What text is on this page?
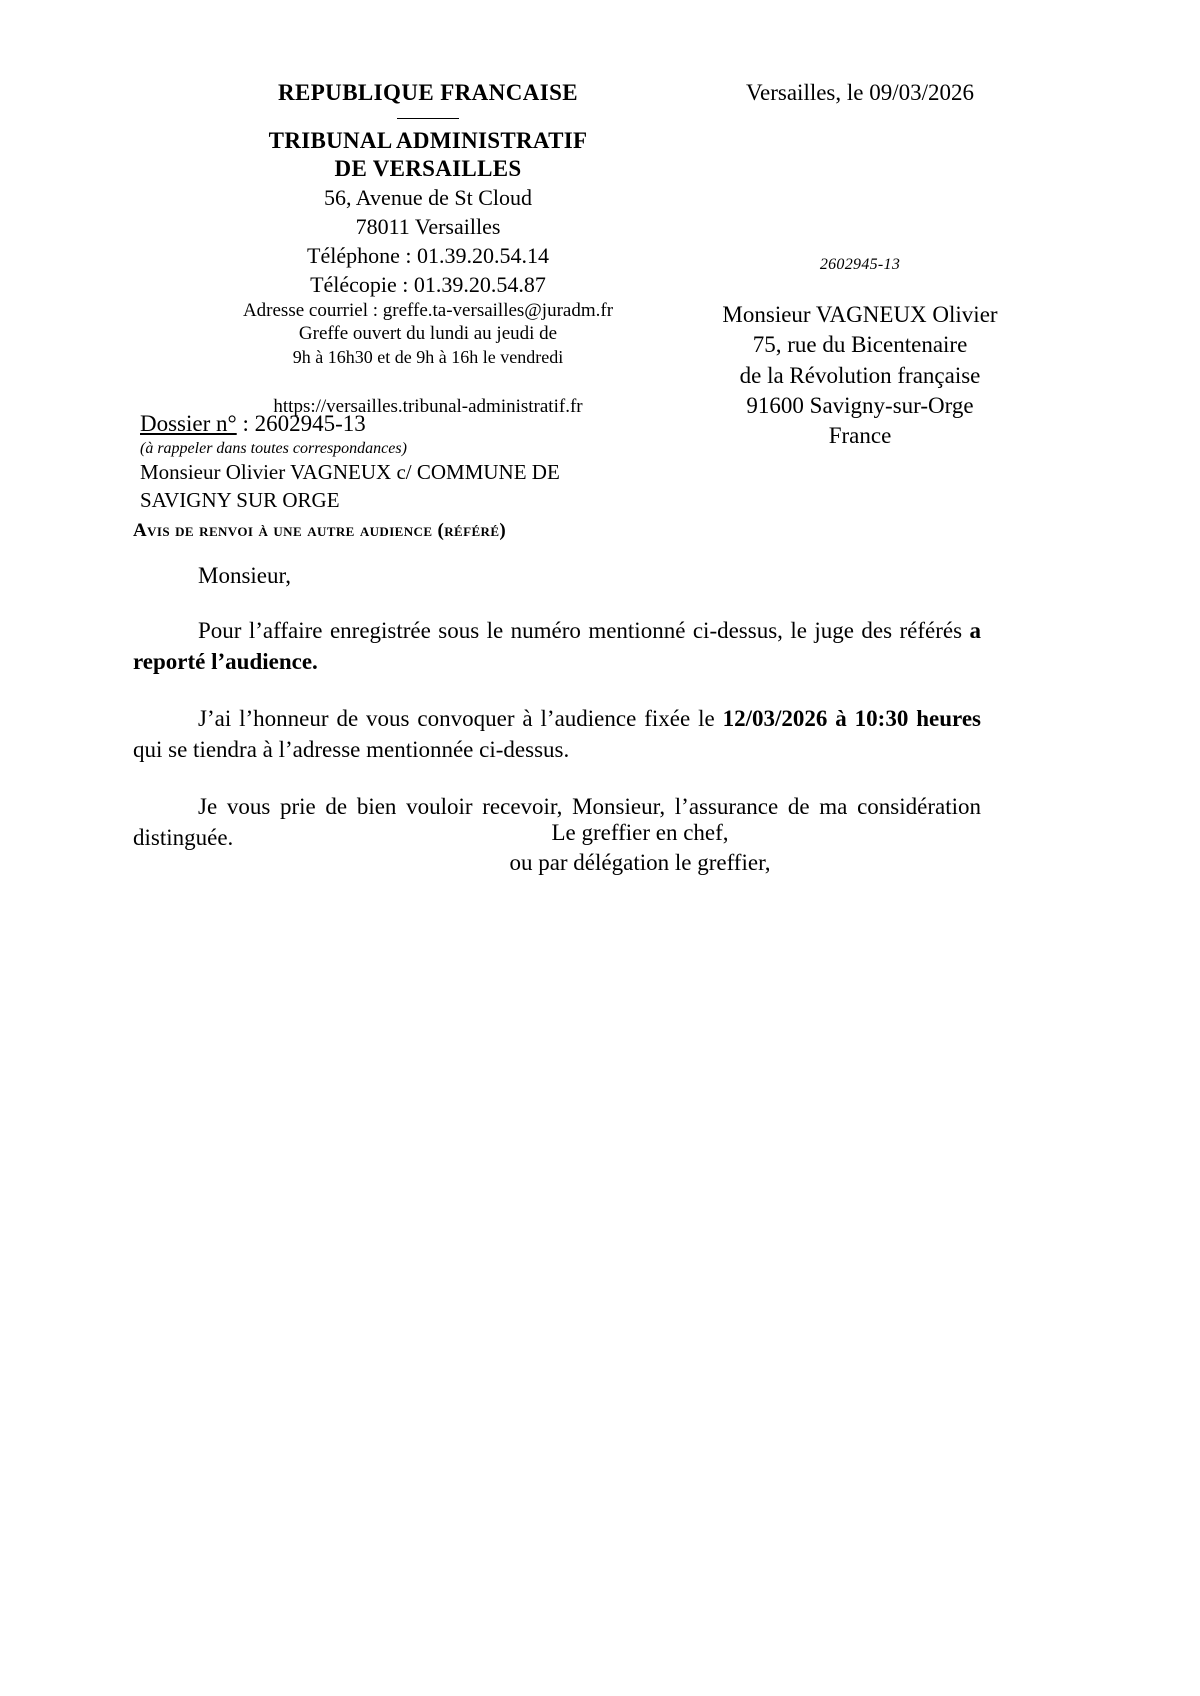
REPUBLIQUE FRANCAISE
TRIBUNAL ADMINISTRATIF
DE VERSAILLES
56, Avenue de St Cloud
78011 Versailles
Téléphone : 01.39.20.54.14
Télécopie : 01.39.20.54.87
Adresse courriel : greffe.ta-versailles@juradm.fr
Greffe ouvert du lundi au jeudi de
9h à 16h30 et de 9h à 16h le vendredi
https://versailles.tribunal-administratif.fr
Versailles, le 09/03/2026
2602945-13
Monsieur VAGNEUX Olivier
75, rue du Bicentenaire
de la Révolution française
91600 Savigny-sur-Orge
France
Dossier n° : 2602945-13
(à rappeler dans toutes correspondances)
Monsieur Olivier VAGNEUX c/ COMMUNE DE
SAVIGNY SUR ORGE
Avis de renvoi à une autre audience (référé)

Monsieur,

Pour l’affaire enregistrée sous le numéro mentionné ci-dessus, le juge des référés a reporté l’audience.

J’ai l’honneur de vous convoquer à l’audience fixée le 12/03/2026 à 10:30 heures qui se tiendra à l’adresse mentionnée ci-dessus.

Je vous prie de bien vouloir recevoir, Monsieur, l’assurance de ma considération distinguée.	Le greffier en chef,
ou par délégation le greffier,
